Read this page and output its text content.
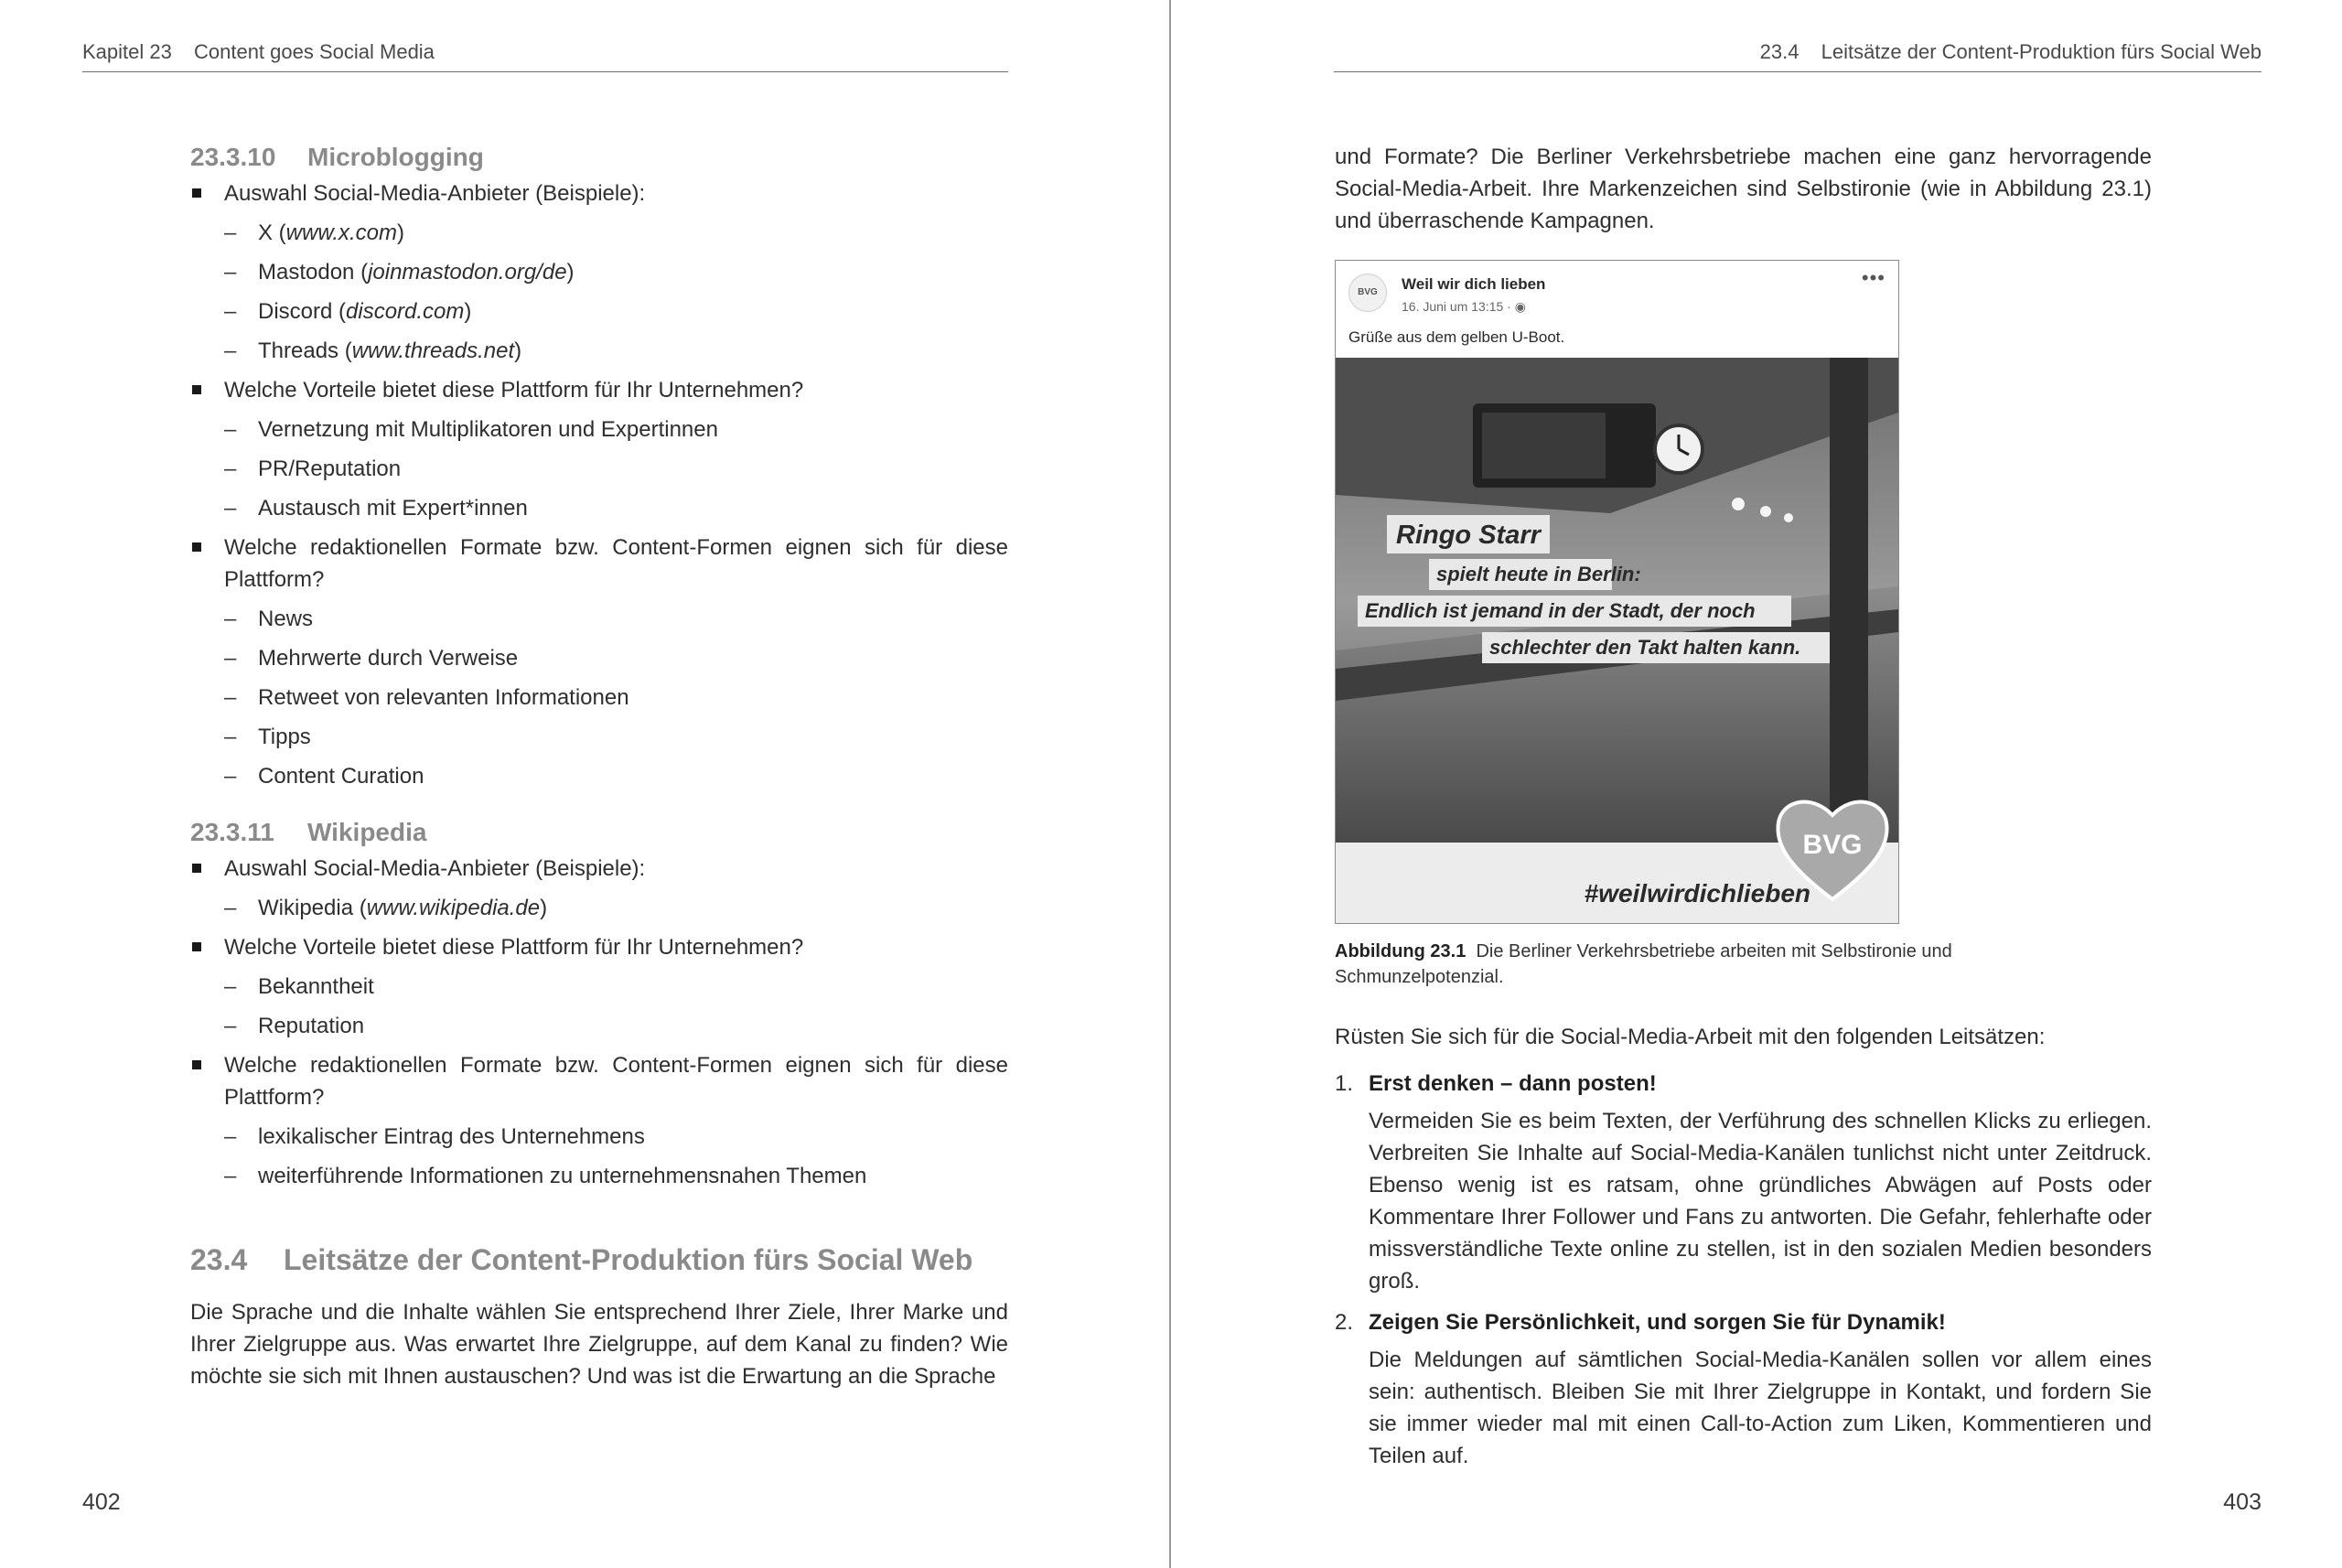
Kapitel 23 Content goes Social Media
23.3.10 Microblogging
Auswahl Social-Media-Anbieter (Beispiele):
– X (www.x.com)
– Mastodon (joinmastodon.org/de)
– Discord (discord.com)
– Threads (www.threads.net)
Welche Vorteile bietet diese Plattform für Ihr Unternehmen?
– Vernetzung mit Multiplikatoren und Expertinnen
– PR/Reputation
– Austausch mit Expert*innen
Welche redaktionellen Formate bzw. Content-Formen eignen sich für diese Plattform?
– News
– Mehrwerte durch Verweise
– Retweet von relevanten Informationen
– Tipps
– Content Curation
23.3.11 Wikipedia
Auswahl Social-Media-Anbieter (Beispiele):
– Wikipedia (www.wikipedia.de)
Welche Vorteile bietet diese Plattform für Ihr Unternehmen?
– Bekanntheit
– Reputation
Welche redaktionellen Formate bzw. Content-Formen eignen sich für diese Plattform?
– lexikalischer Eintrag des Unternehmens
– weiterführende Informationen zu unternehmensnahen Themen
23.4 Leitsätze der Content-Produktion fürs Social Web

Die Sprache und die Inhalte wählen Sie entsprechend Ihrer Ziele, Ihrer Marke und Ihrer Zielgruppe aus. Was erwartet Ihre Zielgruppe, auf dem Kanal zu finden? Wie möchte sie sich mit Ihnen austauschen? Und was ist die Erwartung an die Sprache

402
23.4 Leitsätze der Content-Produktion fürs Social Web
403

und Formate? Die Berliner Verkehrsbetriebe machen eine ganz hervorragende Social-Media-Arbeit. Ihre Markenzeichen sind Selbstironie (wie in Abbildung 23.1) und überraschende Kampagnen.

BVG	Weil wir dich lieben
16. Juni um 13:15 · ◉
•••
Grüße aus dem gelben U-Boot.
Ringo Starr
spielt heute in Berlin:
Endlich ist jemand in der Stadt, der noch
schlechter den Takt halten kann.
#weilwirdichlieben
BVG
Abbildung 23.1 Die Berliner Verkehrsbetriebe arbeiten mit Selbstironie und Schmunzelpotenzial.

Rüsten Sie sich für die Social-Media-Arbeit mit den folgenden Leitsätzen:

1. Erst denken – dann posten!

Vermeiden Sie es beim Texten, der Verführung des schnellen Klicks zu erliegen. Verbreiten Sie Inhalte auf Social-Media-Kanälen tunlichst nicht unter Zeitdruck. Ebenso wenig ist es ratsam, ohne gründliches Abwägen auf Posts oder Kommentare Ihrer Follower und Fans zu antworten. Die Gefahr, fehlerhafte oder missverständliche Texte online zu stellen, ist in den sozialen Medien besonders groß.

2. Zeigen Sie Persönlichkeit, und sorgen Sie für Dynamik!

Die Meldungen auf sämtlichen Social-Media-Kanälen sollen vor allem eines sein: authentisch. Bleiben Sie mit Ihrer Zielgruppe in Kontakt, und fordern Sie sie immer wieder mal mit einen Call-to-Action zum Liken, Kommentieren und Teilen auf.
